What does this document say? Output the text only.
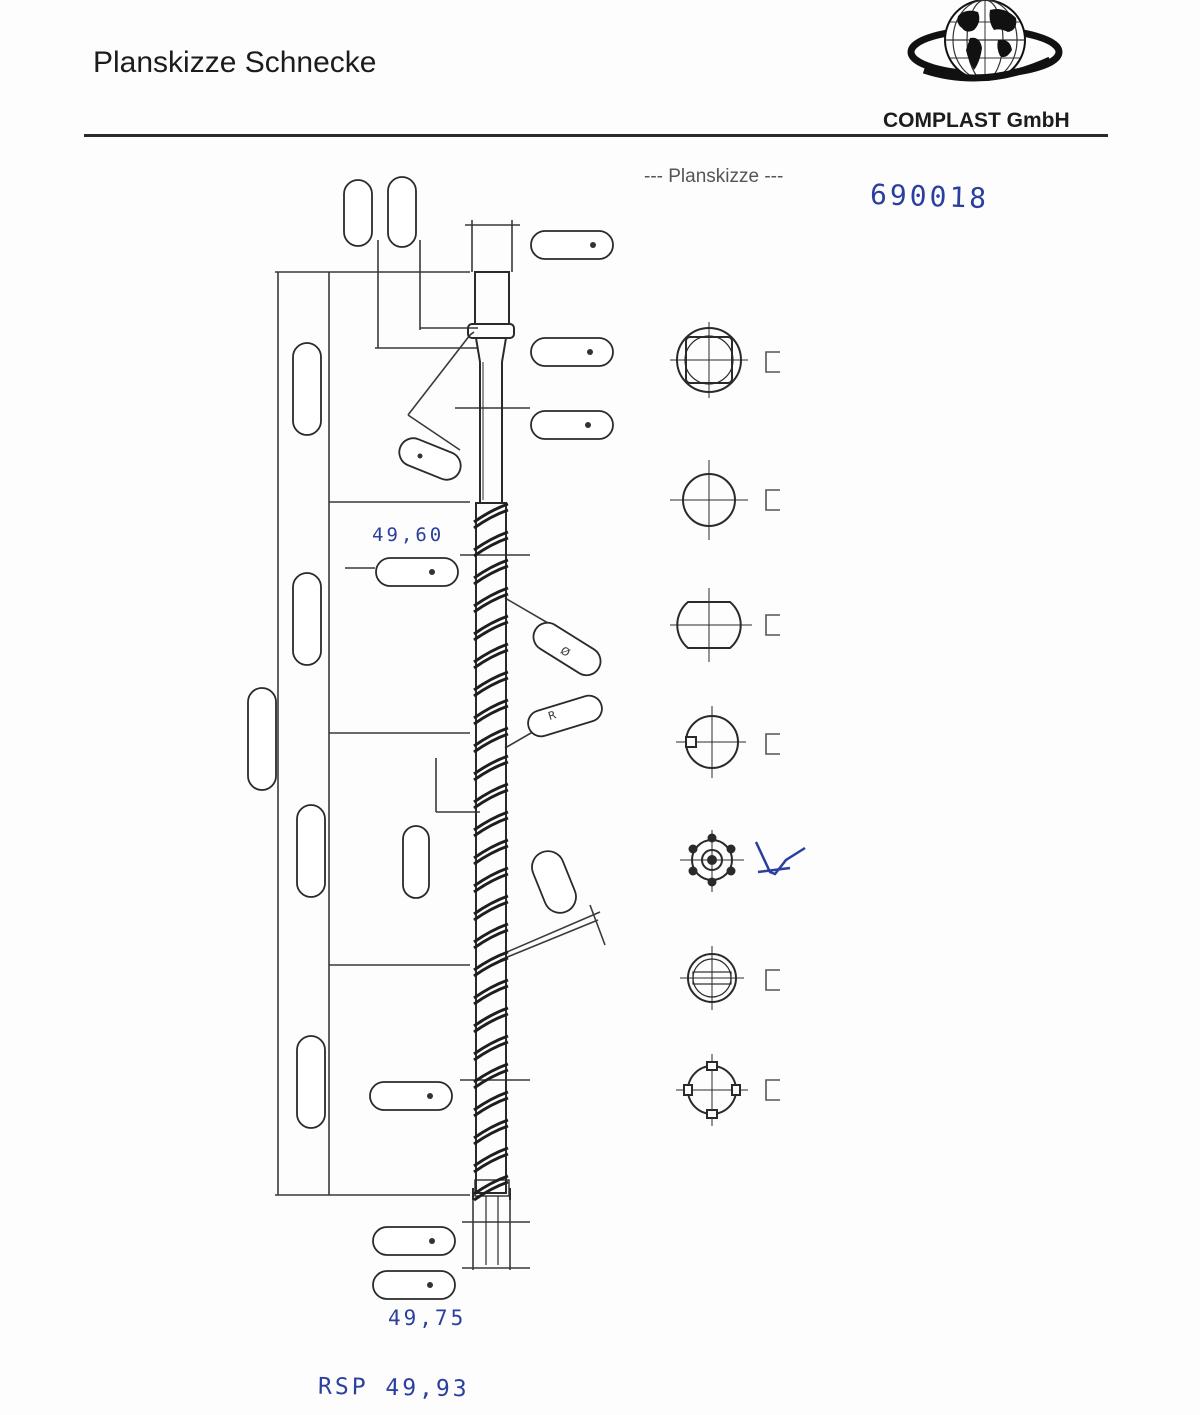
Planskizze Schnecke
COMPLAST GmbH
--- Planskizze ---
690018
Ø
R
Ø
49,60
49,75
RSP 49,93
